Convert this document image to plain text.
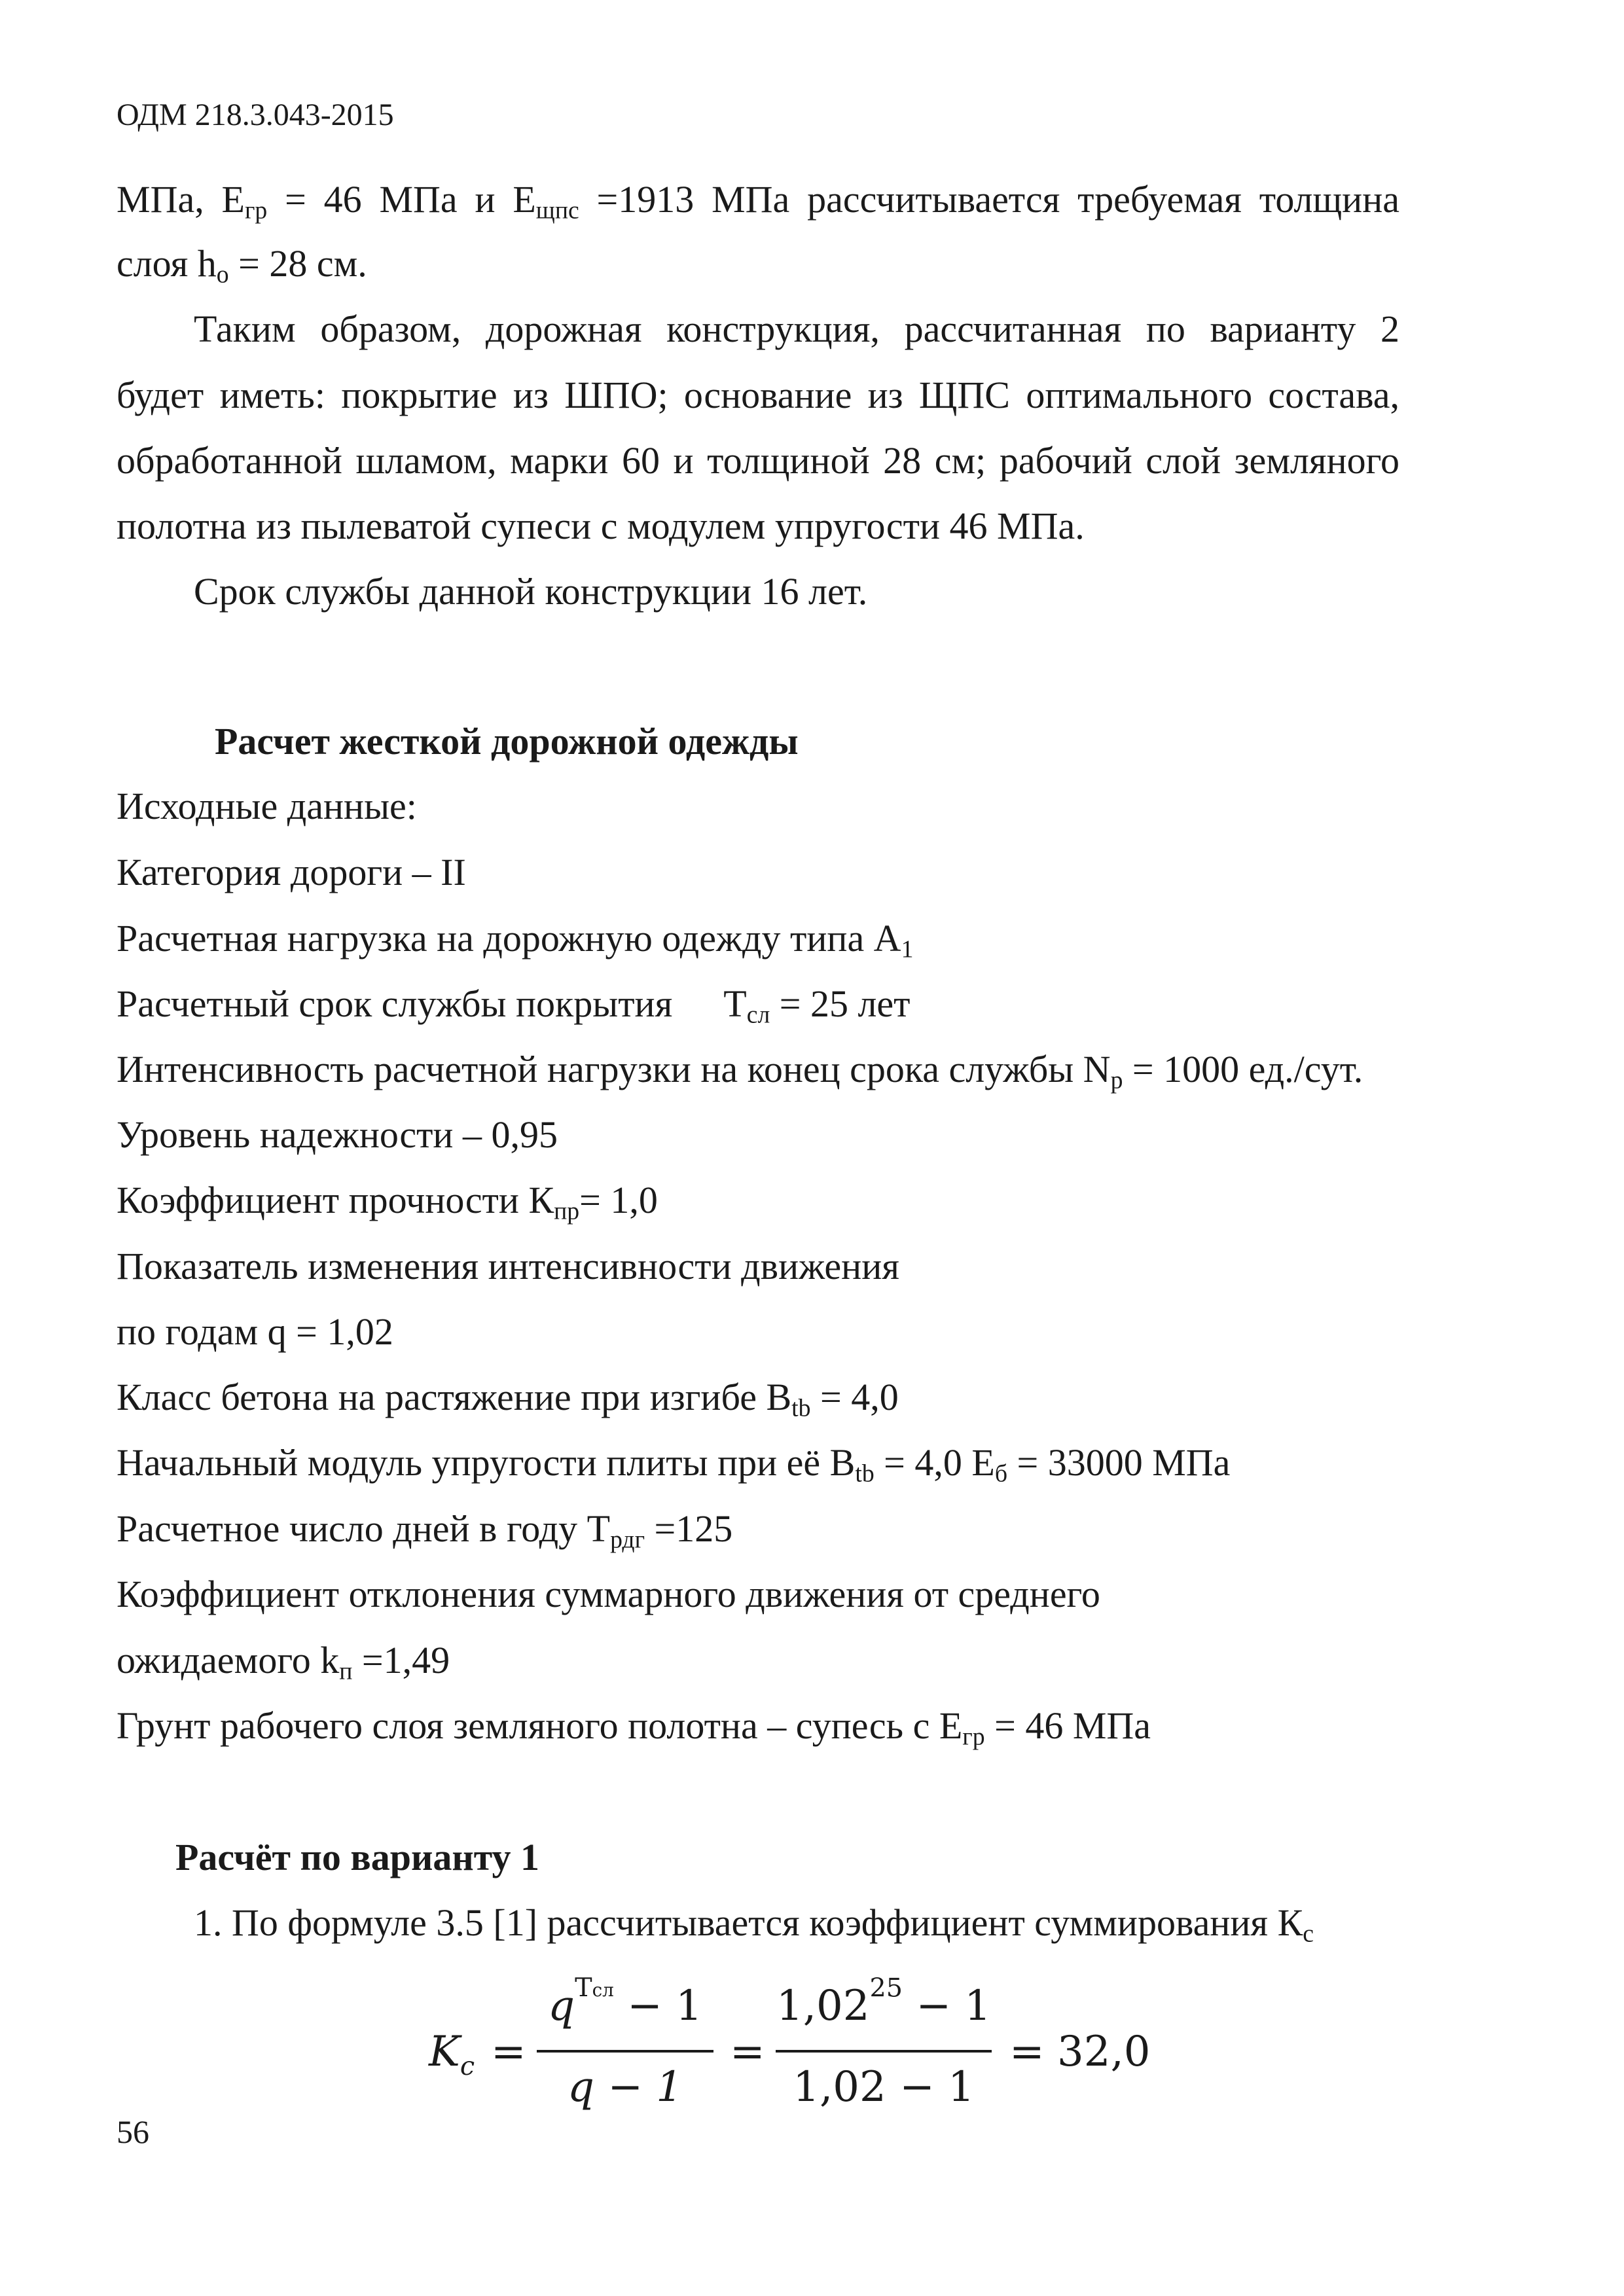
ОДМ 218.3.043-2015
МПа, $Е_{гр} = 46$ МПа и $Е_{щпс} =1913$ МПа рассчитывается требуемая толщина
слоя $h_о = 28$ см.
Таким образом, дорожная конструкция, рассчитанная по варианту 2
будет иметь: покрытие из ШПО; основание из ЩПС оптимального состава,
обработанной шламом, марки 60 и толщиной 28 см; рабочий слой земляного
полотна из пылеватой супеси с модулем упругости 46 МПа.
Срок службы данной конструкции 16 лет.
Расчет жесткой дорожной одежды
Исходные данные:
Категория дороги – II
Расчетная нагрузка на дорожную одежду типа $А_1$
Расчетный срок службы покрытия $Т_{сл} = 25$ лет
Интенсивность расчетной нагрузки на конец срока службы $N_р = 1000$ ед./сут.
Уровень надежности – 0,95
Коэффициент прочности $К_{пр}= 1,0$
Показатель изменения интенсивности движения
по годам q = 1,02
Класс бетона на растяжение при изгибе $В_{tb} = 4,0$
Начальный модуль упругости плиты при её $В_{tb} = 4,0$ $Е_б = 33000$ МПа
Расчетное число дней в году $Т_{рдг} =125$
Коэффициент отклонения суммарного движения от среднего
ожидаемого $k_п =1,49$
Грунт рабочего слоя земляного полотна – супесь с $Е_{гр} = 46$ МПа
Расчёт по варианту 1
1. По формуле 3.5 [1] рассчитывается коэффициент суммирования $К_с$
$K_c$ =
$q^{Тсл} - 1$
q − 1
=
$1,02^{25} - 1$
1,02 − 1
= 32,0
56
